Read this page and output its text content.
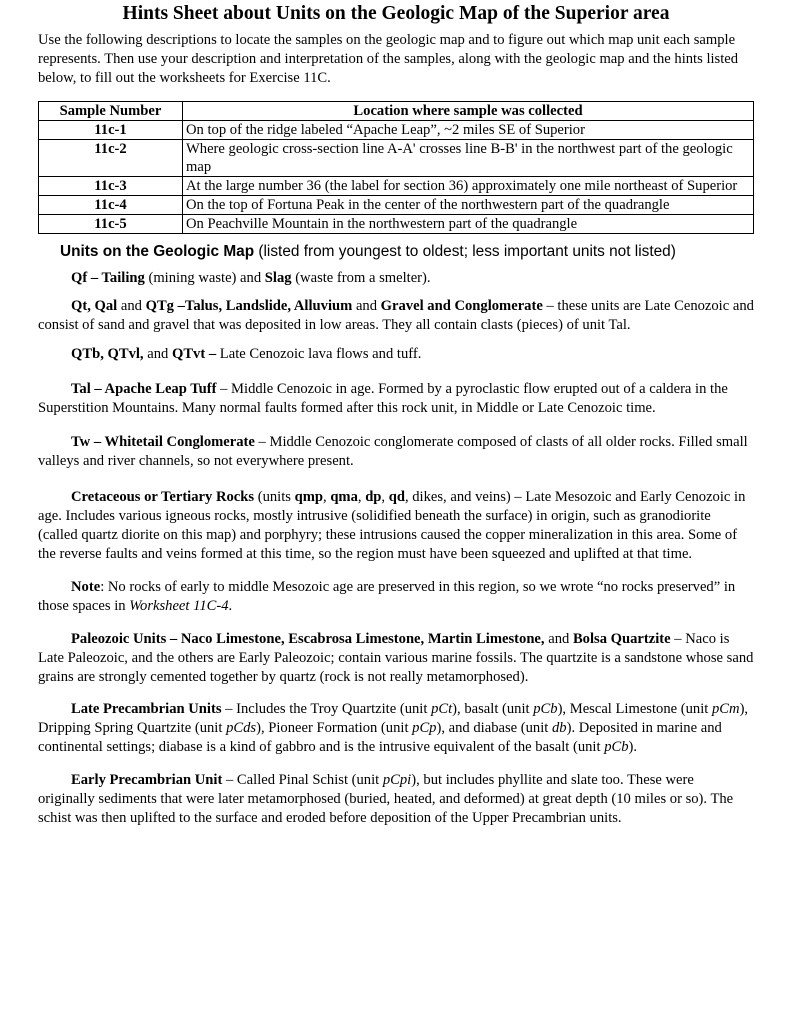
Hints Sheet about Units on the Geologic Map of the Superior area

Use the following descriptions to locate the samples on the geologic map and to figure out which map unit each sample represents. Then use your description and interpretation of the samples, along with the geologic map and the hints listed below, to fill out the worksheets for Exercise 11C.

Sample Number	Location where sample was collected
11c-1	On top of the ridge labeled “Apache Leap”, ~2 miles SE of Superior
11c-2	Where geologic cross-section line A-A' crosses line B-B' in the northwest part of the geologic map
11c-3	At the large number 36 (the label for section 36) approximately one mile northeast of Superior
11c-4	On the top of Fortuna Peak in the center of the northwestern part of the quadrangle
11c-5	On Peachville Mountain in the northwestern part of the quadrangle
Units on the Geologic Map (listed from youngest to oldest; less important units not listed)

Qf – Tailing (mining waste) and Slag (waste from a smelter).

Qt, Qal and QTg –Talus, Landslide, Alluvium and Gravel and Conglomerate – these units are Late Cenozoic and consist of sand and gravel that was deposited in low areas. They all contain clasts (pieces) of unit Tal.

QTb, QTvl, and QTvt – Late Cenozoic lava flows and tuff.

Tal – Apache Leap Tuff – Middle Cenozoic in age. Formed by a pyroclastic flow erupted out of a caldera in the Superstition Mountains. Many normal faults formed after this rock unit, in Middle or Late Cenozoic time.

Tw – Whitetail Conglomerate – Middle Cenozoic conglomerate composed of clasts of all older rocks. Filled small valleys and river channels, so not everywhere present.

Cretaceous or Tertiary Rocks (units qmp, qma, dp, qd, dikes, and veins) – Late Mesozoic and Early Cenozoic in age. Includes various igneous rocks, mostly intrusive (solidified beneath the surface) in origin, such as granodiorite (called quartz diorite on this map) and porphyry; these intrusions caused the copper mineralization in this area. Some of the reverse faults and veins formed at this time, so the region must have been squeezed and uplifted at that time.

Note: No rocks of early to middle Mesozoic age are preserved in this region, so we wrote “no rocks preserved” in those spaces in Worksheet 11C-4.

Paleozoic Units – Naco Limestone, Escabrosa Limestone, Martin Limestone, and Bolsa Quartzite – Naco is Late Paleozoic, and the others are Early Paleozoic; contain various marine fossils. The quartzite is a sandstone whose sand grains are strongly cemented together by quartz (rock is not really metamorphosed).

Late Precambrian Units – Includes the Troy Quartzite (unit pCt), basalt (unit pCb), Mescal Limestone (unit pCm), Dripping Spring Quartzite (unit pCds), Pioneer Formation (unit pCp), and diabase (unit db). Deposited in marine and continental settings; diabase is a kind of gabbro and is the intrusive equivalent of the basalt (unit pCb).

Early Precambrian Unit – Called Pinal Schist (unit pCpi), but includes phyllite and slate too. These were originally sediments that were later metamorphosed (buried, heated, and deformed) at great depth (10 miles or so). The schist was then uplifted to the surface and eroded before deposition of the Upper Precambrian units.
